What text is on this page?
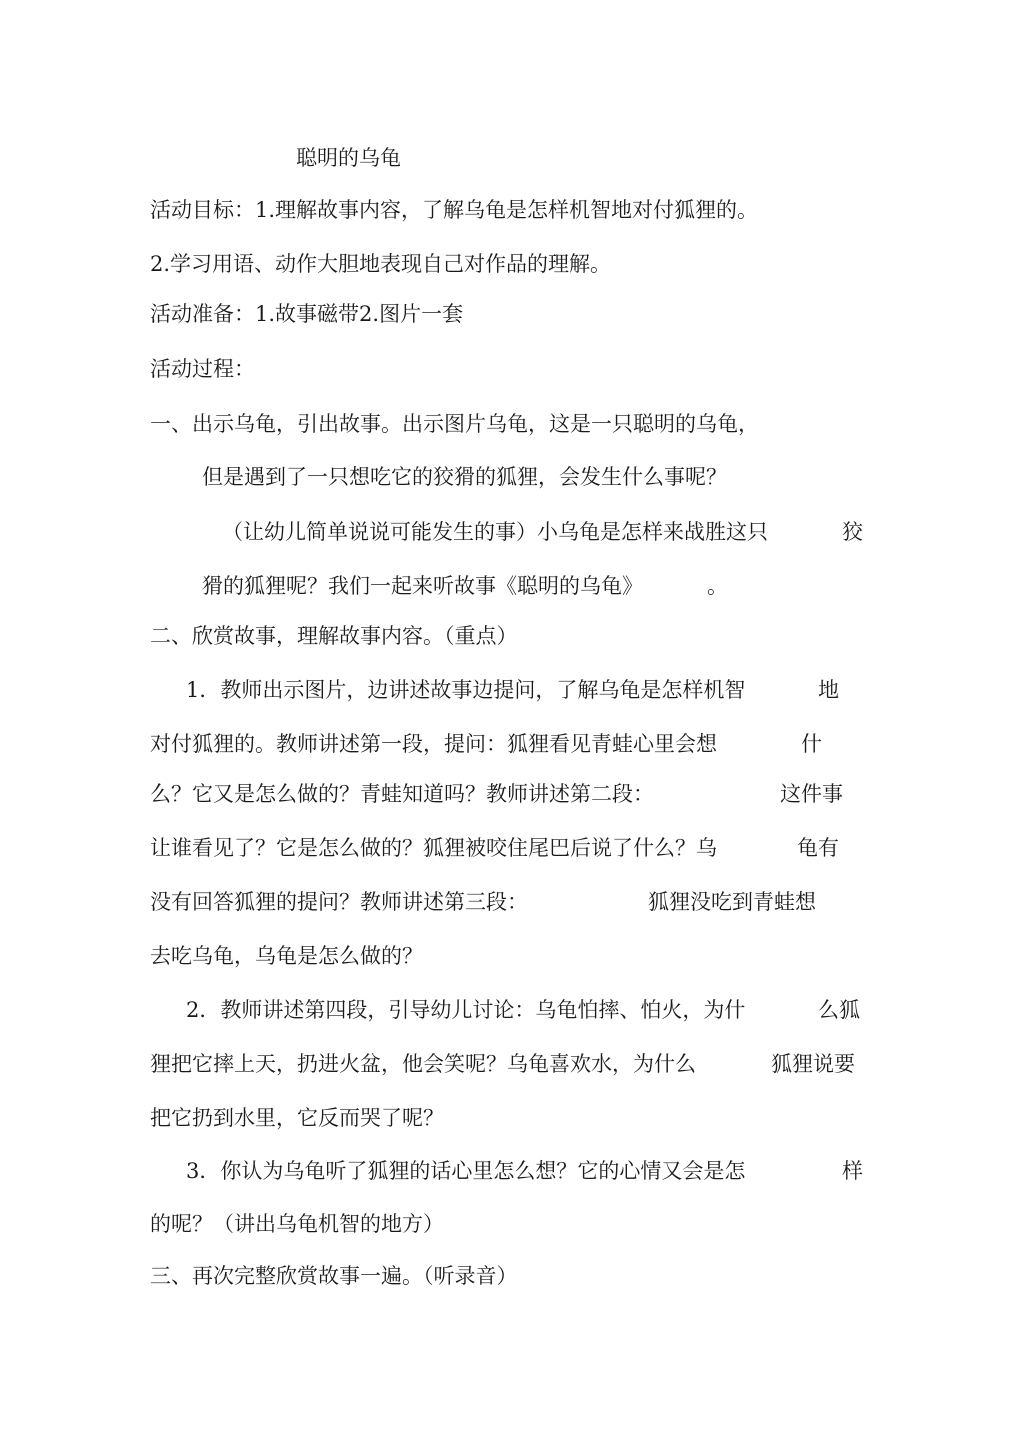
聪明的乌龟
活动目标：1.理解故事内容，了解乌龟是怎样机智地对付狐狸的。
2.学习用语、动作大胆地表现自己对作品的理解。
活动准备：1.故事磁带2.图片一套
活动过程：
一、出示乌龟，引出故事。出示图片乌龟，这是一只聪明的乌龟，
但是遇到了一只想吃它的狡猾的狐狸，会发生什么事呢？
（让幼儿简单说说可能发生的事）小乌龟是怎样来战胜这只	狡
猾的狐狸呢？我们一起来听故事《聪明的乌龟》	。
二、欣赏故事，理解故事内容。（重点）
1．教师出示图片，边讲述故事边提问，了解乌龟是怎样机智	地
对付狐狸的。教师讲述第一段，提问：狐狸看见青蛙心里会想	什
么？它又是怎么做的？青蛙知道吗？教师讲述第二段：	这件事
让谁看见了？它是怎么做的？狐狸被咬住尾巴后说了什么？乌	龟有
没有回答狐狸的提问？教师讲述第三段：	狐狸没吃到青蛙想
去吃乌龟，乌龟是怎么做的？
2．教师讲述第四段，引导幼儿讨论：乌龟怕摔、怕火，为什	么狐
狸把它摔上天，扔进火盆，他会笑呢？乌龟喜欢水，为什么	狐狸说要
把它扔到水里，它反而哭了呢？
3．你认为乌龟听了狐狸的话心里怎么想？它的心情又会是怎	样
的呢？（讲出乌龟机智的地方）
三、再次完整欣赏故事一遍。（听录音）
